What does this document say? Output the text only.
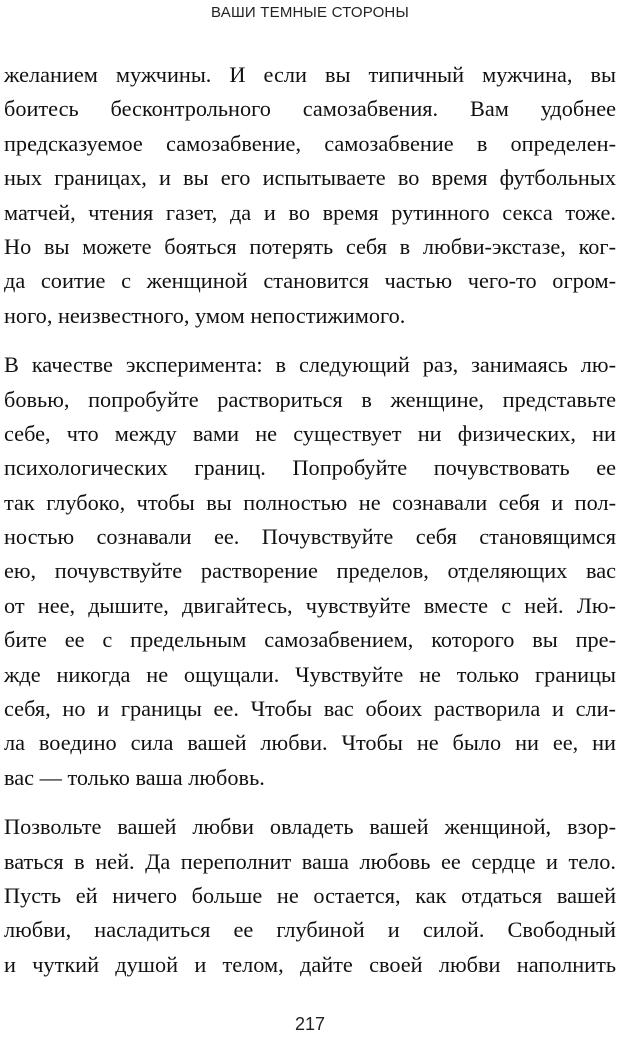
ВАШИ ТЕМНЫЕ СТОРОНЫ

желанием мужчины. И если вы типичный мужчина, вы
боитесь бесконтрольного самозабвения. Вам удобнее
предсказуемое самозабвение, самозабвение в определен-
ных границах, и вы его испытываете во время футбольных
матчей, чтения газет, да и во время рутинного секса тоже.
Но вы можете бояться потерять себя в любви-экстазе, ког-
да соитие с женщиной становится частью чего-то огром-
ного, неизвестного, умом непостижимого.

В качестве эксперимента: в следующий раз, занимаясь лю-
бовью, попробуйте раствориться в женщине, представьте
себе, что между вами не существует ни физических, ни
психологических границ. Попробуйте почувствовать ее
так глубоко, чтобы вы полностью не сознавали себя и пол-
ностью сознавали ее. Почувствуйте себя становящимся
ею, почувствуйте растворение пределов, отделяющих вас
от нее, дышите, двигайтесь, чувствуйте вместе с ней. Лю-
бите ее с предельным самозабвением, которого вы пре-
жде никогда не ощущали. Чувствуйте не только границы
себя, но и границы ее. Чтобы вас обоих растворила и сли-
ла воедино сила вашей любви. Чтобы не было ни ее, ни
вас — только ваша любовь.

Позвольте вашей любви овладеть вашей женщиной, взор-
ваться в ней. Да переполнит ваша любовь ее сердце и тело.
Пусть ей ничего больше не остается, как отдаться вашей
любви, насладиться ее глубиной и силой. Свободный
и чуткий душой и телом, дайте своей любви наполнить

217
